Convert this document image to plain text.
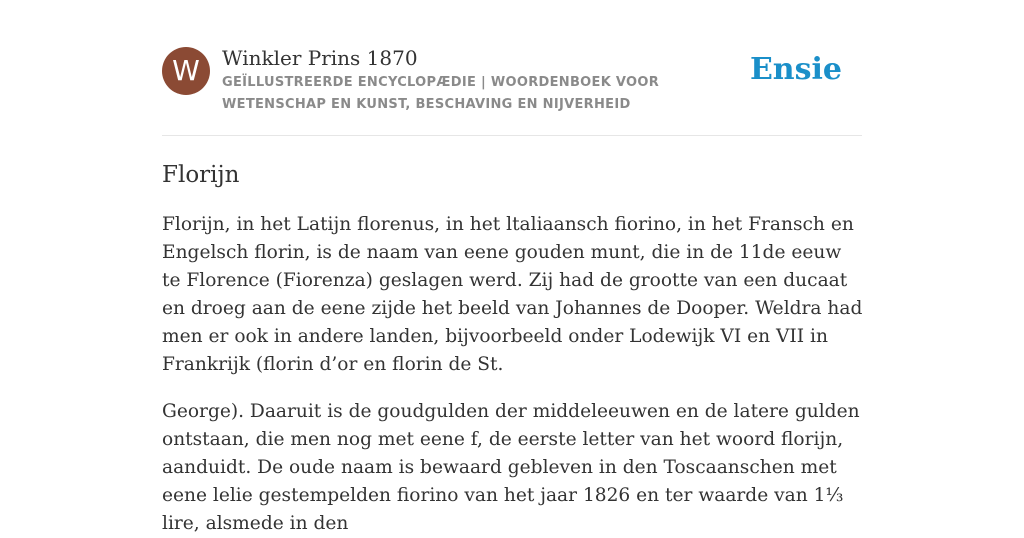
W Winkler Prins 1870
GEÏLLUSTREERDE ENCYCLOPÆDIE | WOORDENBOEK VOOR WETENSCHAP EN KUNST, BESCHAVING EN NIJVERHEID
Ensie
Florijn

Florijn, in het Latijn florenus, in het ltaliaansch fiorino, in het Fransch en Engelsch florin, is de naam van eene gouden munt, die in de 11de eeuw te Florence (Fiorenza) geslagen werd. Zij had de grootte van een ducaat en droeg aan de eene zijde het beeld van Johannes de Dooper. Weldra had men er ook in andere landen, bijvoorbeeld onder Lodewijk VI en VII in Frankrijk (florin d’or en florin de St.

George). Daaruit is de goudgulden der middeleeuwen en de latere gulden ontstaan, die men nog met eene f, de eerste letter van het woord florijn, aanduidt. De oude naam is bewaard gebleven in den Toscaanschen met eene lelie gestempelden fiorino van het jaar 1826 en ter waarde van 1⅓ lire, alsmede in den
